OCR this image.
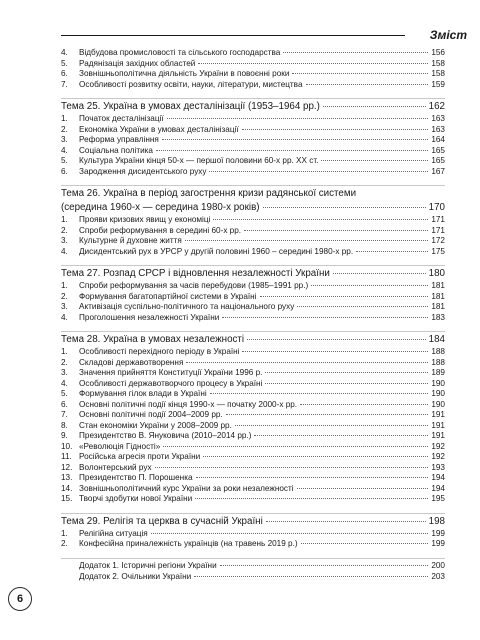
Зміст
4. Відбудова промисловості та сільського господарства	156
5. Радянізація західних областей	158
6. Зовнішньополітична діяльність України в повоєнні роки	158
7. Особливості розвитку освіти, науки, літератури, мистецтва	159
Тема 25. Україна в умовах десталінізації (1953–1964 рр.)	162
1. Початок десталінізації	163
2. Економіка України в умовах десталінізації	163
3. Реформа управління	164
4. Соціальна політика	165
5. Культура України кінця 50-х — першої половини 60-х рр. ХХ ст.	165
6. Зародження дисидентського руху	167
Тема 26. Україна в період загострення кризи радянської системи
(середина 1960-х — середина 1980-х років)	170
1. Прояви кризових явищ у економіці	171
2. Спроби реформування в середині 60-х рр.	171
3. Культурне й духовне життя	172
4. Дисидентський рух в УРСР у другій половині 1960 – середині 1980-х рр.	175
Тема 27. Розпад СРСР і відновлення незалежності України	180
1. Спроби реформування за часів перебудови (1985–1991 рр.)	181
2. Формування багатопартійної системи в Україні	181
3. Активізація суспільно-політичного та національного руху	181
4. Проголошення незалежності України	183
Тема 28. Україна в умовах незалежності	184
1. Особливості перехідного періоду в Україні	188
2. Складові державотворення	188
3. Значення прийняття Конституції України 1996 р.	189
4. Особливості державотворчого процесу в Україні	190
5. Формування гілок влади в Україні	190
6. Основні політичні події кінця 1990-х — початку 2000-х рр.	190
7. Основні політичні події 2004–2009 рр.	191
8. Стан економіки України у 2008–2009 рр.	191
9. Президентство В. Януковича (2010–2014 рр.)	191
10. «Революція Гідності»	192
11. Російська агресія проти України	192
12. Волонтерський рух	193
13. Президентство П. Порошенка	194
14. Зовнішньополітичний курс України за роки незалежності	194
15. Творчі здобутки нової України	195
Тема 29. Релігія та церква в сучасній Україні	198
1. Релігійна ситуація	199
2. Конфесійна приналежність українців (на травень 2019 р.)	199
Додаток 1. Історичні регіони України	200
Додаток 2. Очільники України	203
6
